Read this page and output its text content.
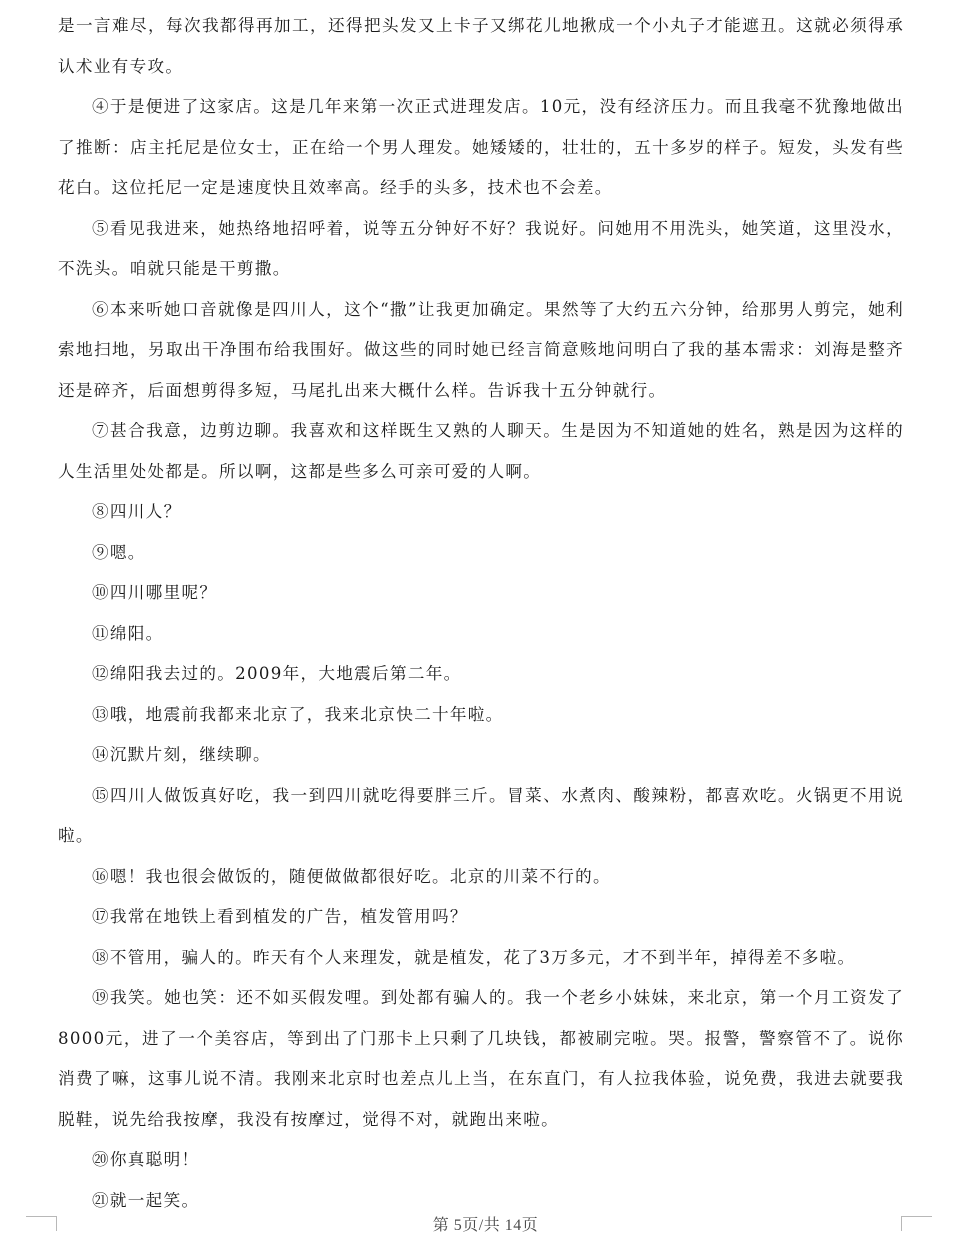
是一言难尽，每次我都得再加工，还得把头发又上卡子又绑花儿地揪成一个小丸子才能遮丑。这就必须得承认术业有专攻。

④于是便进了这家店。这是几年来第一次正式进理发店。10元，没有经济压力。而且我毫不犹豫地做出了推断：店主托尼是位女士，正在给一个男人理发。她矮矮的，壮壮的，五十多岁的样子。短发，头发有些花白。这位托尼一定是速度快且效率高。经手的头多，技术也不会差。

⑤看见我进来，她热络地招呼着，说等五分钟好不好？我说好。问她用不用洗头，她笑道，这里没水，不洗头。咱就只能是干剪撒。

⑥本来听她口音就像是四川人，这个“撒”让我更加确定。果然等了大约五六分钟，给那男人剪完，她利索地扫地，另取出干净围布给我围好。做这些的同时她已经言简意赅地问明白了我的基本需求：刘海是整齐还是碎齐，后面想剪得多短，马尾扎出来大概什么样。告诉我十五分钟就行。

⑦甚合我意，边剪边聊。我喜欢和这样既生又熟的人聊天。生是因为不知道她的姓名，熟是因为这样的人生活里处处都是。所以啊，这都是些多么可亲可爱的人啊。

⑧四川人？

⑨嗯。

⑩四川哪里呢？

⑪绵阳。

⑫绵阳我去过的。2009年，大地震后第二年。

⑬哦，地震前我都来北京了，我来北京快二十年啦。

⑭沉默片刻，继续聊。

⑮四川人做饭真好吃，我一到四川就吃得要胖三斤。冒菜、水煮肉、酸辣粉，都喜欢吃。火锅更不用说啦。

⑯嗯！我也很会做饭的，随便做做都很好吃。北京的川菜不行的。

⑰我常在地铁上看到植发的广告，植发管用吗？

⑱不管用，骗人的。昨天有个人来理发，就是植发，花了3万多元，才不到半年，掉得差不多啦。

⑲我笑。她也笑：还不如买假发哩。到处都有骗人的。我一个老乡小妹妹，来北京，第一个月工资发了8000元，进了一个美容店，等到出了门那卡上只剩了几块钱，都被刷完啦。哭。报警，警察管不了。说你消费了嘛，这事儿说不清。我刚来北京时也差点儿上当，在东直门，有人拉我体验，说免费，我进去就要我脱鞋，说先给我按摩，我没有按摩过，觉得不对，就跑出来啦。

⑳你真聪明！

㉑就一起笑。

第 5页/共 14页
